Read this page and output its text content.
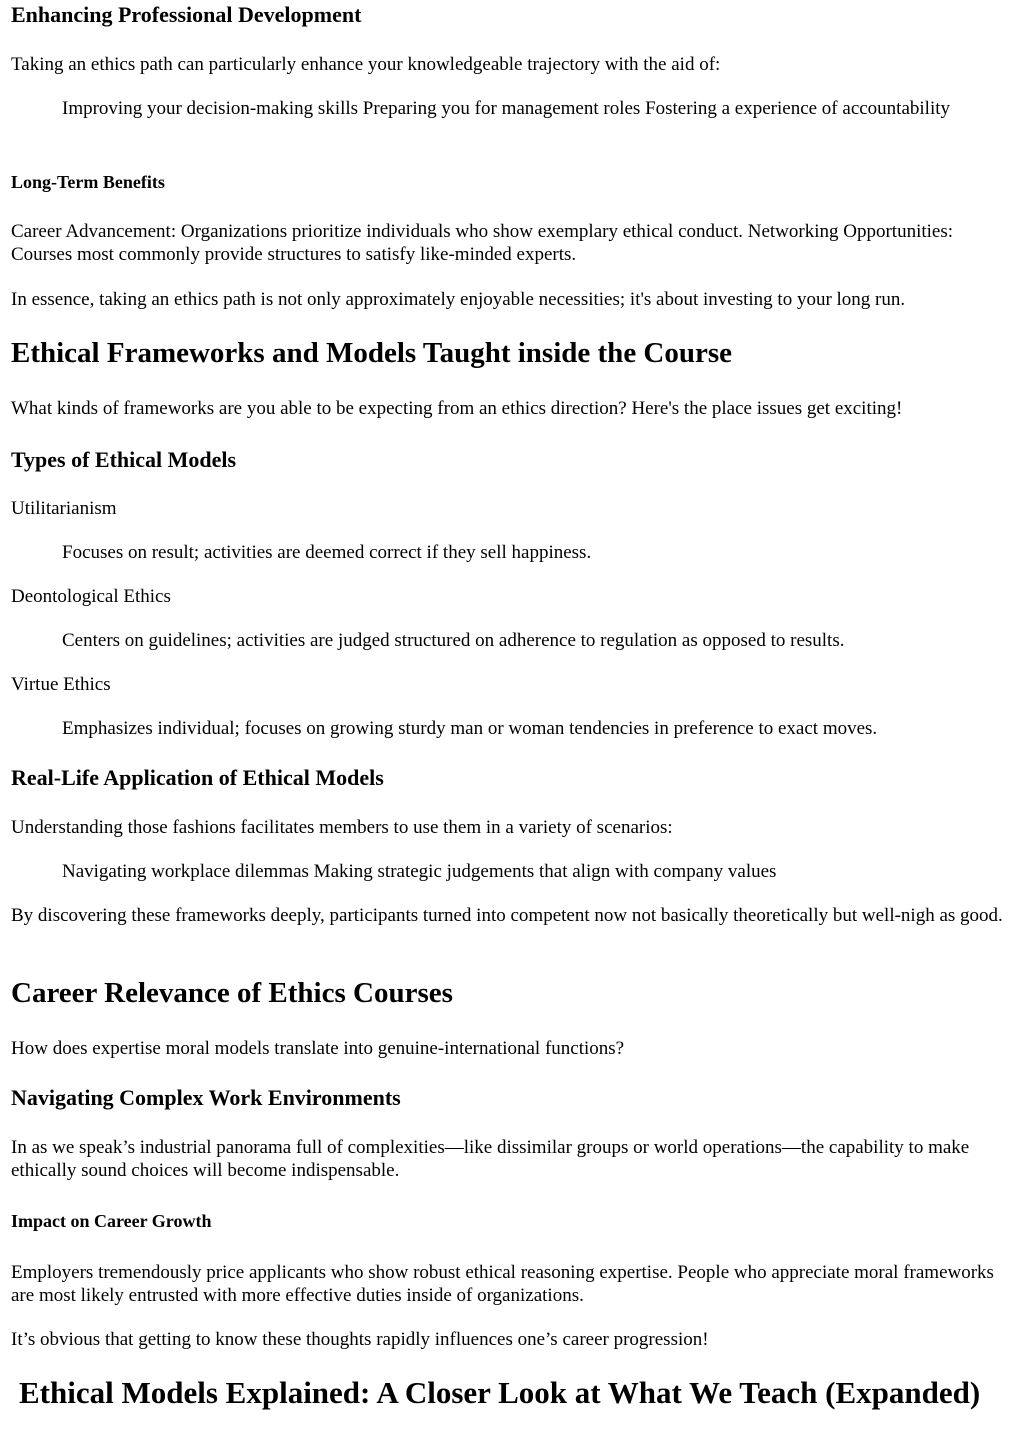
Enhancing Professional Development
Taking an ethics path can particularly enhance your knowledgeable trajectory with the aid of:
Improving your decision-making skills Preparing you for management roles Fostering a experience of accountability
Long-Term Benefits
Career Advancement: Organizations prioritize individuals who show exemplary ethical conduct. Networking Opportunities: Courses most commonly provide structures to satisfy like-minded experts.
In essence, taking an ethics path is not only approximately enjoyable necessities; it's about investing to your long run.
Ethical Frameworks and Models Taught inside the Course
What kinds of frameworks are you able to be expecting from an ethics direction? Here's the place issues get exciting!
Types of Ethical Models
Utilitarianism
Focuses on result; activities are deemed correct if they sell happiness.
Deontological Ethics
Centers on guidelines; activities are judged structured on adherence to regulation as opposed to results.
Virtue Ethics
Emphasizes individual; focuses on growing sturdy man or woman tendencies in preference to exact moves.
Real-Life Application of Ethical Models
Understanding those fashions facilitates members to use them in a variety of scenarios:
Navigating workplace dilemmas Making strategic judgements that align with company values
By discovering these frameworks deeply, participants turned into competent now not basically theoretically but well-nigh as good.
Career Relevance of Ethics Courses
How does expertise moral models translate into genuine-international functions?
Navigating Complex Work Environments
In as we speak’s industrial panorama full of complexities—like dissimilar groups or world operations—the capability to make ethically sound choices will become indispensable.
Impact on Career Growth
Employers tremendously price applicants who show robust ethical reasoning expertise. People who appreciate moral frameworks are most likely entrusted with more effective duties inside of organizations.
It’s obvious that getting to know these thoughts rapidly influences one’s career progression!
Ethical Models Explained: A Closer Look at What We Teach (Expanded)
